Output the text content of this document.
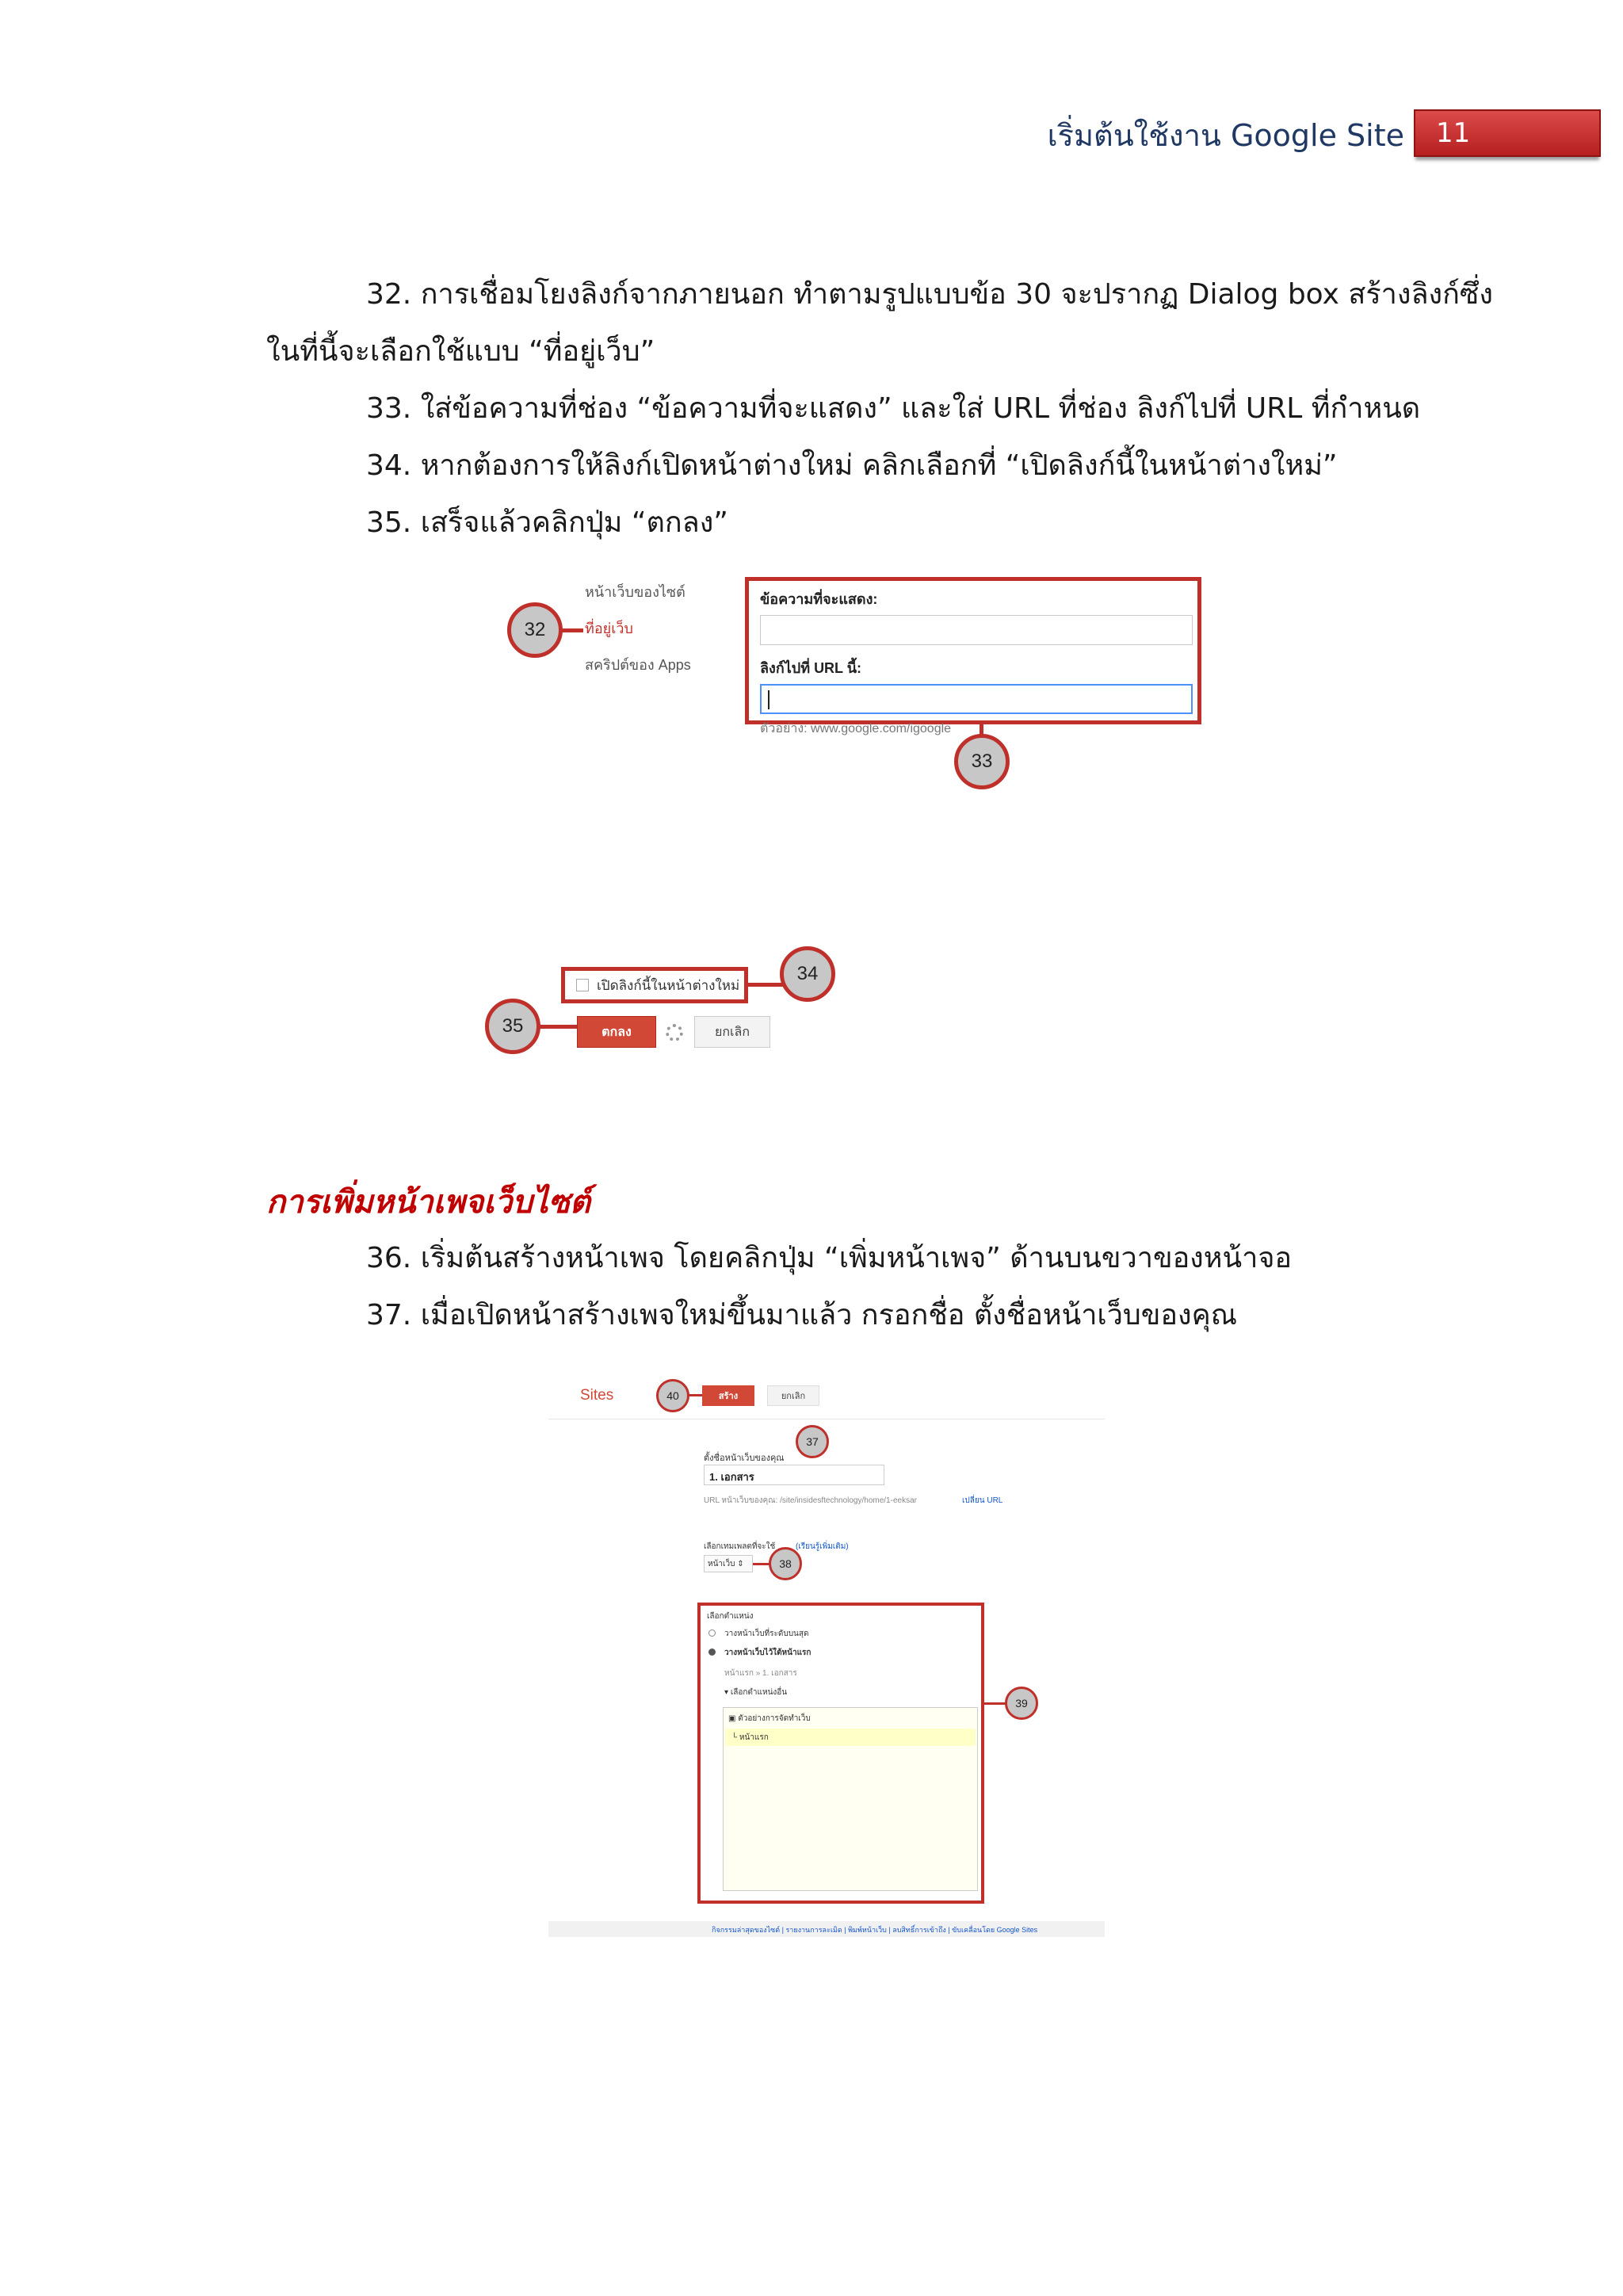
เริ่มต้นใช้งาน Google Site	11
32. การเชื่อมโยงลิงก์จากภายนอก ทำตามรูปแบบข้อ 30 จะปรากฏ Dialog box สร้างลิงก์ซึ่ง
ในที่นี้จะเลือกใช้แบบ “ที่อยู่เว็บ”
33. ใส่ข้อความที่ช่อง “ข้อความที่จะแสดง” และใส่ URL ที่ช่อง ลิงก์ไปที่ URL ที่กำหนด
34. หากต้องการให้ลิงก์เปิดหน้าต่างใหม่ คลิกเลือกที่ “เปิดลิงก์นี้ในหน้าต่างใหม่”
35. เสร็จแล้วคลิกปุ่ม “ตกลง”
หน้าเว็บของไซต์
ที่อยู่เว็บ
สคริปต์ของ Apps
32
ข้อความที่จะแสดง:
ลิงก์ไปที่ URL นี้:
ตัวอย่าง: www.google.com/igoogle
33
เปิดลิงก์นี้ในหน้าต่างใหม่
34
35	ตกลง	ยกเลิก
การเพิ่มหน้าเพจเว็บไซต์
36. เริ่มต้นสร้างหน้าเพจ โดยคลิกปุ่ม “เพิ่มหน้าเพจ” ด้านบนขวาของหน้าจอ
37. เมื่อเปิดหน้าสร้างเพจใหม่ขึ้นมาแล้ว กรอกชื่อ ตั้งชื่อหน้าเว็บของคุณ
Sites	40	สร้าง	ยกเลิก
37
ตั้งชื่อหน้าเว็บของคุณ
1. เอกสาร
URL หน้าเว็บของคุณ: /site/insidesftechnology/home/1-eeksar	เปลี่ยน URL
เลือกเทมเพลตที่จะใช้	(เรียนรู้เพิ่มเติม)
หน้าเว็บ ⇕	38
เลือกตำแหน่ง
วางหน้าเว็บที่ระดับบนสุด
วางหน้าเว็บไว้ใต้หน้าแรก
หน้าแรก » 1. เอกสาร
▾ เลือกตำแหน่งอื่น
▣ ตัวอย่างการจัดทำเว็บ
└ หน้าแรก
39
กิจกรรมล่าสุดของไซต์ | รายงานการละเมิด | พิมพ์หน้าเว็บ | ลบสิทธิ์การเข้าถึง | ขับเคลื่อนโดย Google Sites
